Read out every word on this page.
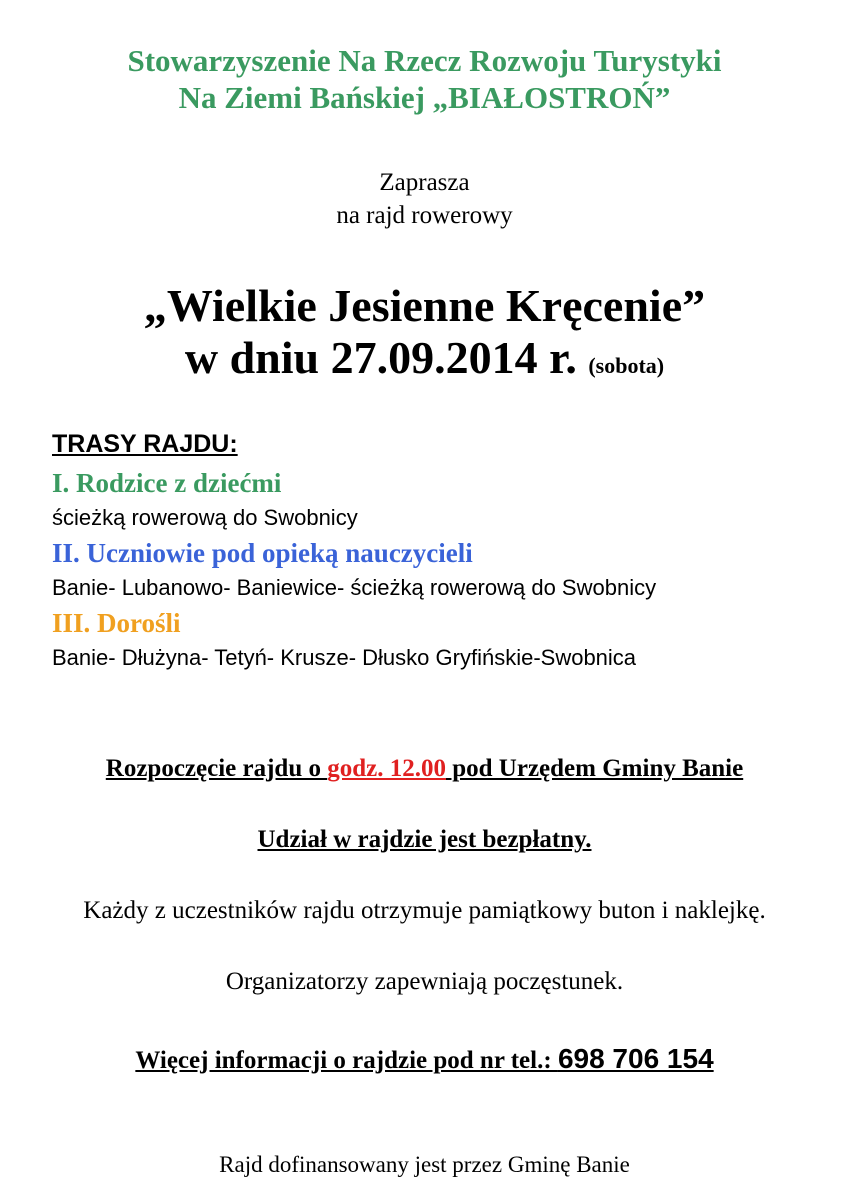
Stowarzyszenie Na Rzecz Rozwoju Turystyki
Na Ziemi Bańskiej „BIAŁOSTROŃ”
Zaprasza
na rajd rowerowy
„Wielkie Jesienne Kręcenie”
w dniu 27.09.2014 r. (sobota)
TRASY RAJDU:
I. Rodzice z dziećmi
ścieżką rowerową do Swobnicy
II. Uczniowie pod opieką nauczycieli
Banie- Lubanowo- Baniewice- ścieżką rowerową do Swobnicy
III. Dorośli
Banie- Dłużyna- Tetyń- Krusze- Dłusko Gryfińskie-Swobnica
Rozpoczęcie rajdu o godz. 12.00 pod Urzędem Gminy Banie
Udział w rajdzie jest bezpłatny.
Każdy z uczestników rajdu otrzymuje pamiątkowy buton i naklejkę.
Organizatorzy zapewniają poczęstunek.
Więcej informacji o rajdzie pod nr tel.: 698 706 154
Rajd dofinansowany jest przez Gminę Banie
